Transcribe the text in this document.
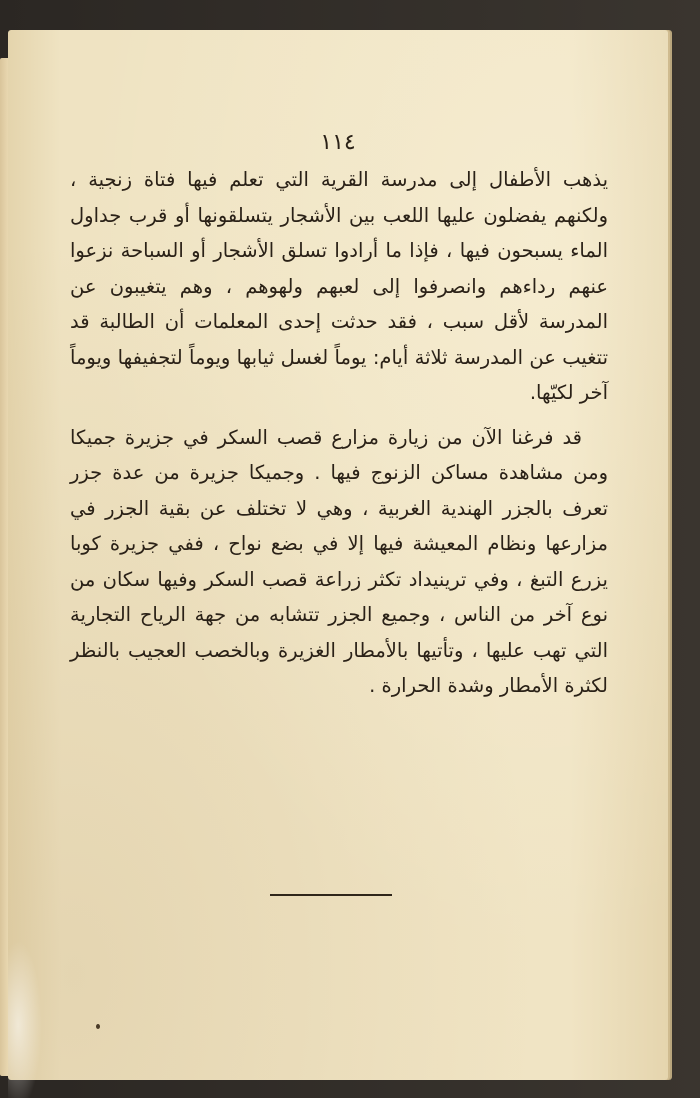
١١٤

يذهب الأطفال إلى مدرسة القرية التي تعلم فيها فتاة زنجية ، ولكنهم يفضلون عليها اللعب بين الأشجار يتسلقونها أو قرب جداول الماء يسبحون فيها ، فإذا ما أرادوا تسلق الأشجار أو السباحة نزعوا عنهم رداءهم وانصرفوا إلى لعبهم ولهوهم ، وهم يتغيبون عن المدرسة لأقل سبب ، فقد حدثت إحدى المعلمات أن الطالبة قد تتغيب عن المدرسة ثلاثة أيام: يوماً لغسل ثيابها ويوماً لتجفيفها ويوماً آخر لكيّها.

قد فرغنا الآن من زيارة مزارع قصب السكر في جزيرة جميكا ومن مشاهدة مساكن الزنوج فيها . وجميكا جزيرة من عدة جزر تعرف بالجزر الهندية الغربية ، وهي لا تختلف عن بقية الجزر في مزارعها ونظام المعيشة فيها إلا في بضع نواح ، ففي جزيرة كوبا يزرع التبغ ، وفي ترينيداد تكثر زراعة قصب السكر وفيها سكان من نوع آخر من الناس ، وجميع الجزر تتشابه من جهة الرياح التجارية التي تهب عليها ، وتأتيها بالأمطار الغزيرة وبالخصب العجيب بالنظر لكثرة الأمطار وشدة الحرارة .
